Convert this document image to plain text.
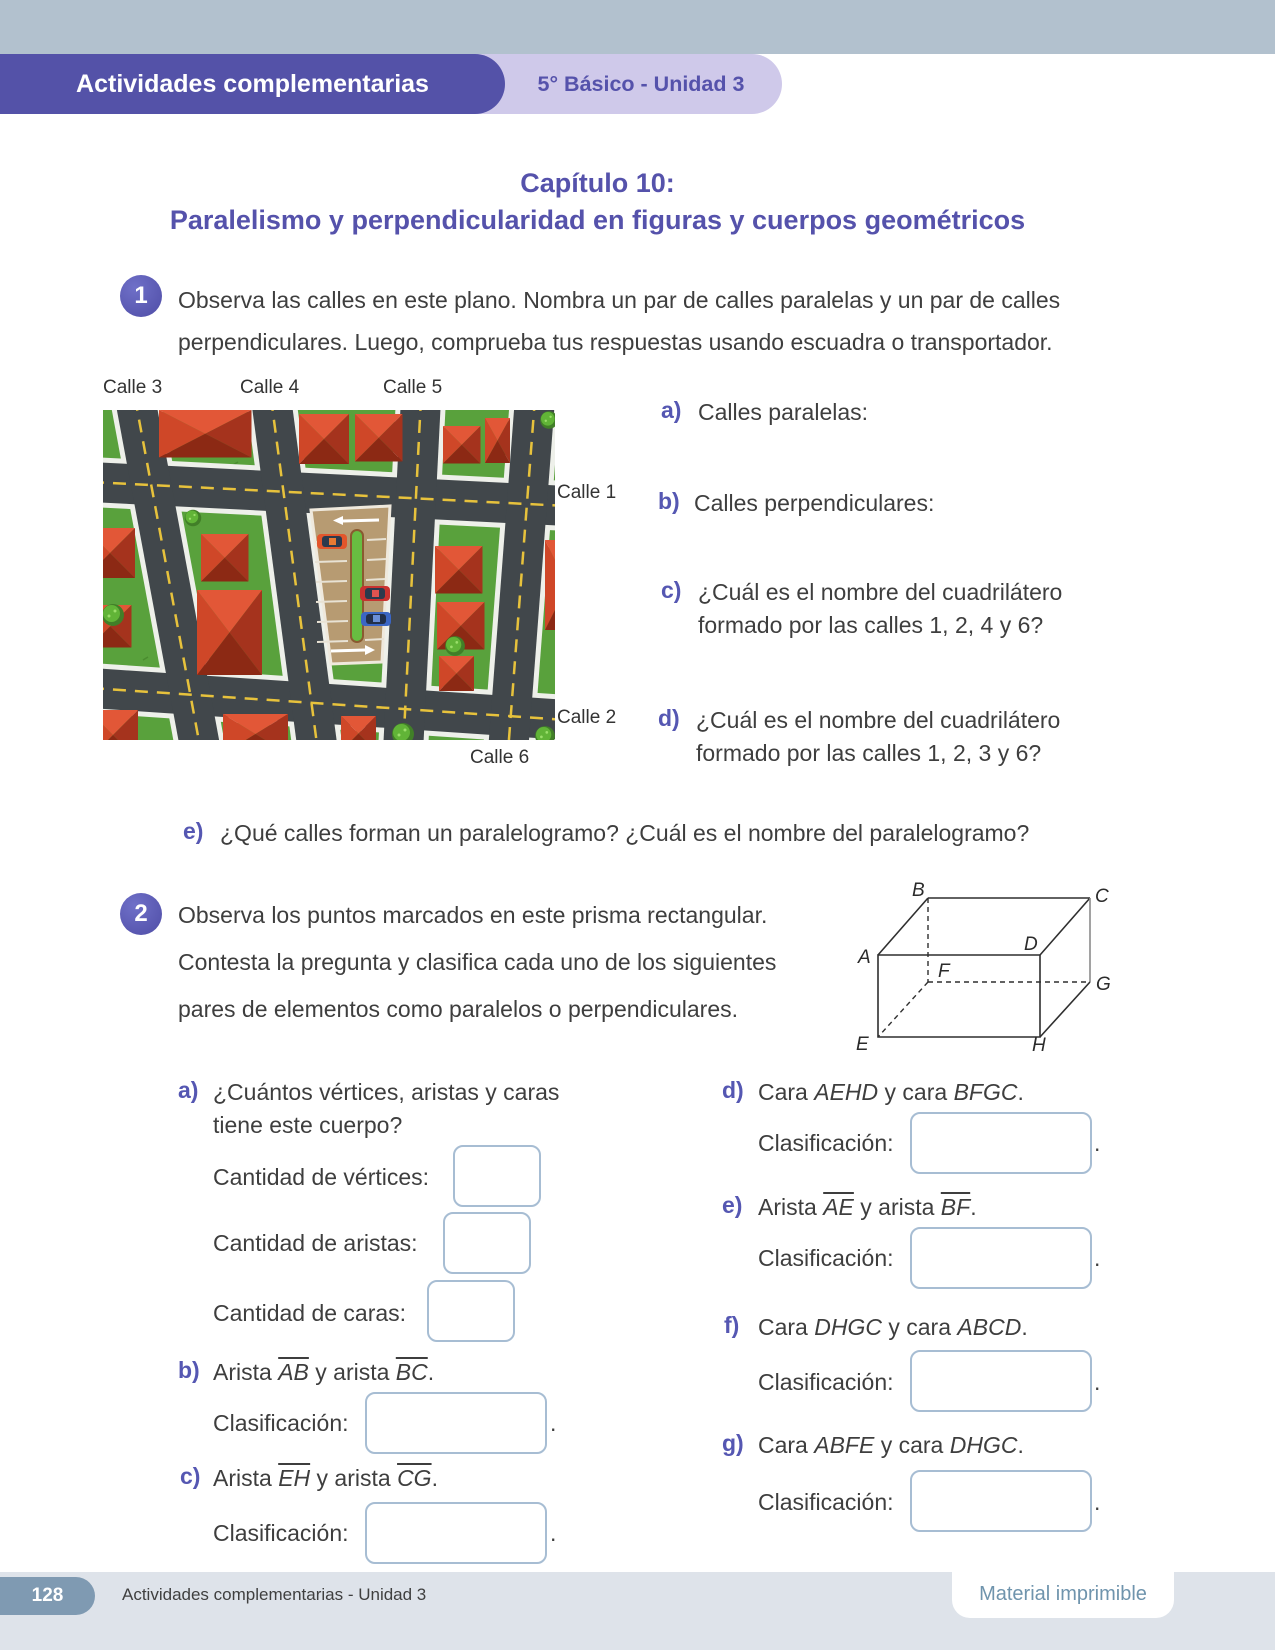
5° Básico - Unidad 3
Actividades complementarias
Capítulo 10:
Paralelismo y perpendicularidad en figuras y cuerpos geométricos
1	Observa las calles en este plano. Nombra un par de calles paralelas y un par de calles
perpendiculares. Luego, comprueba tus respuestas usando escuadra o transportador.
Calle 3	Calle 4	Calle 5
Calle 1
Calle 2
Calle 6
a) Calles paralelas:
b) Calles perpendiculares:
c) ¿Cuál es el nombre del cuadrilátero
formado por las calles 1, 2, 4 y 6?
d) ¿Cuál es el nombre del cuadrilátero
formado por las calles 1, 2, 3 y 6?
e) ¿Qué calles forman un paralelogramo? ¿Cuál es el nombre del paralelogramo?
2	Observa los puntos marcados en este prisma rectangular.
Contesta la pregunta y clasifica cada uno de los siguientes
pares de elementos como paralelos o perpendiculares.
A
B	C
D
E
F
G
H
a) ¿Cuántos vértices, aristas y caras
tiene este cuerpo?
Cantidad de vértices:
Cantidad de aristas:
Cantidad de caras:
b) Arista $\overline{AB}$ y arista $\overline{BC}$.
Clasificación:	.
c) Arista $\overline{EH}$ y arista $\overline{CG}$.
Clasificación:	.
d) Cara AEHD y cara BFGC.
Clasificación:	.
e) Arista $\overline{AE}$ y arista $\overline{BF}$.
Clasificación:	.
f) Cara DHGC y cara ABCD.
Clasificación:	.
g) Cara ABFE y cara DHGC.
Clasificación:	.
128	Actividades complementarias - Unidad 3	Material imprimible
